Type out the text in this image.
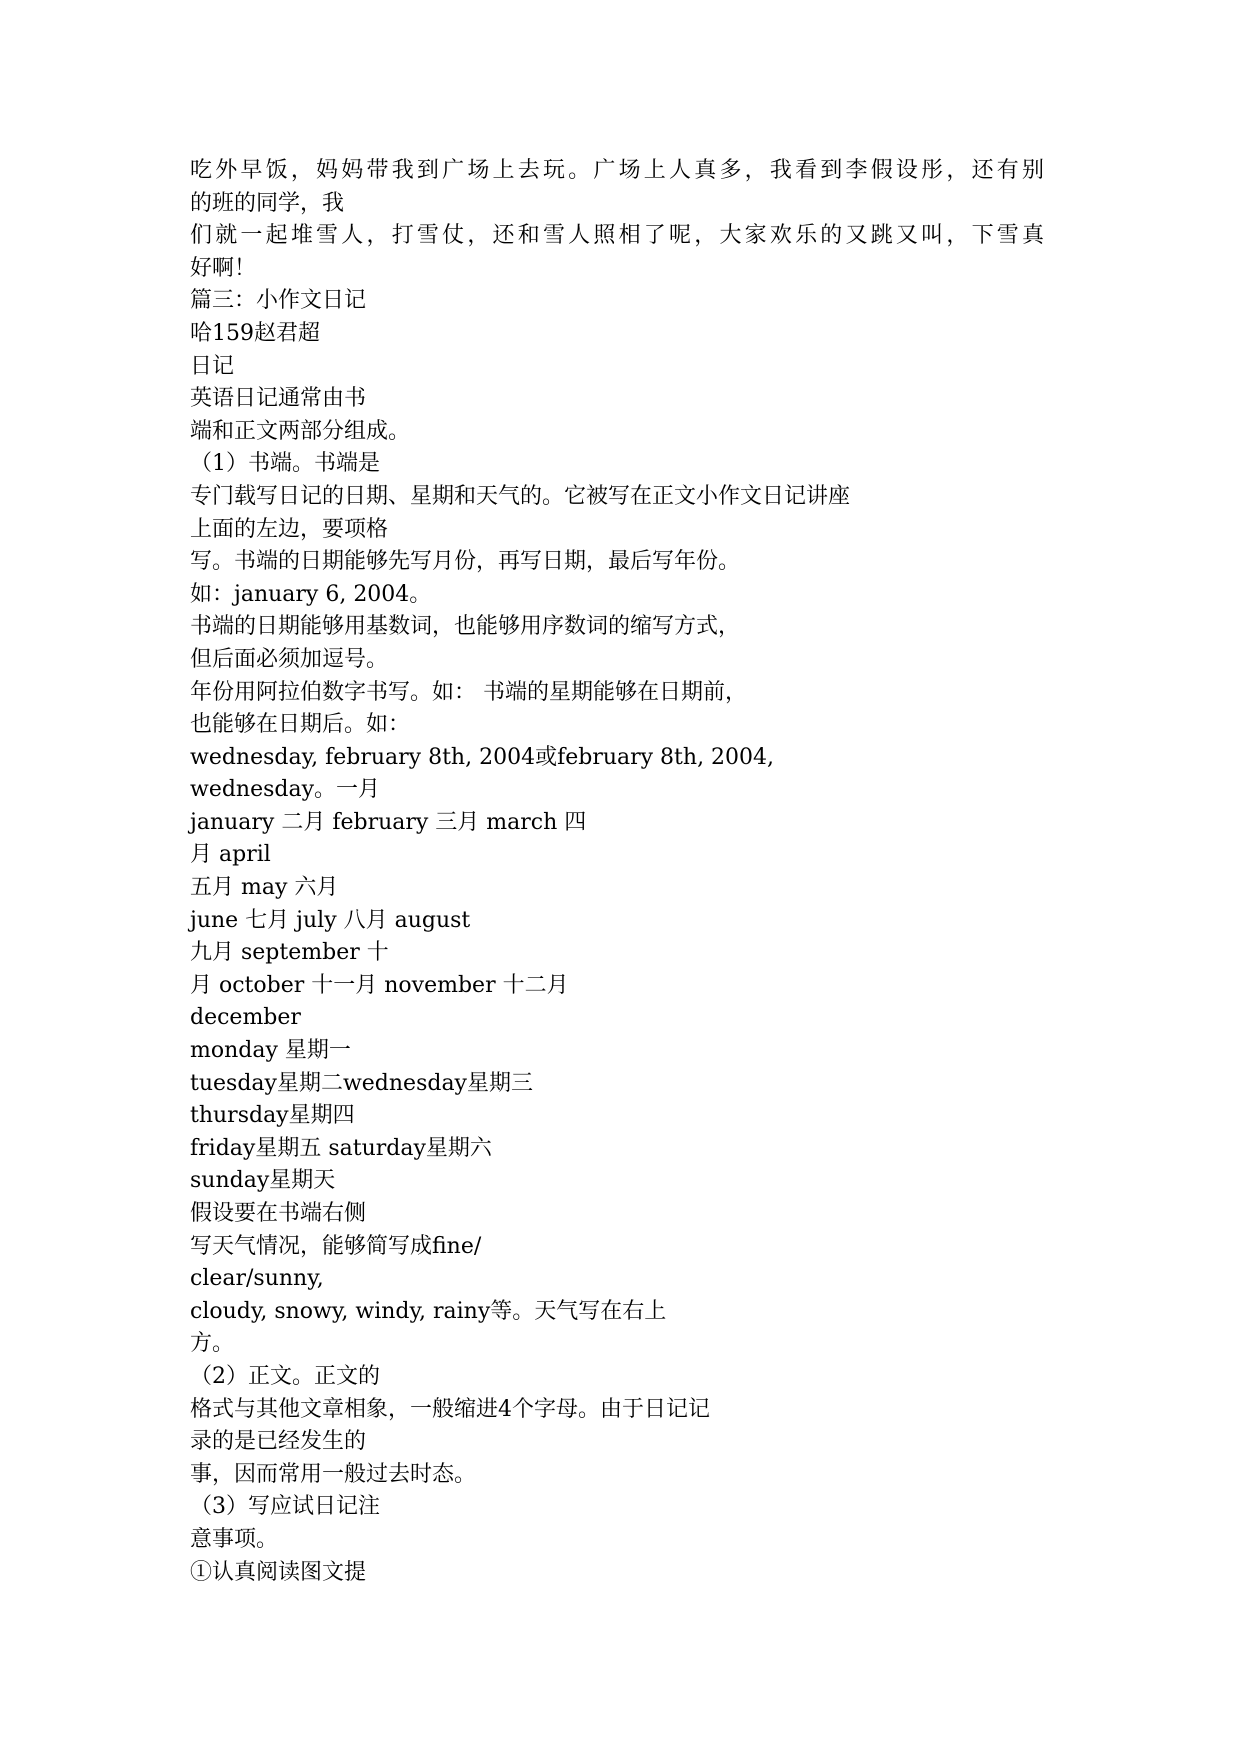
吃外早饭，妈妈带我到广场上去玩。广场上人真多，我看到李假设彤，还有别

的班的同学，我

们就一起堆雪人，打雪仗，还和雪人照相了呢，大家欢乐的又跳又叫，下雪真

好啊！

篇三：小作文日记

哈159赵君超

日记

英语日记通常由书

端和正文两部分组成。

（1）书端。书端是

专门载写日记的日期、星期和天气的。它被写在正文小作文日记讲座

上面的左边，要项格

写。书端的日期能够先写月份，再写日期，最后写年份。

如：january 6, 2004。

书端的日期能够用基数词，也能够用序数词的缩写方式，

但后面必须加逗号。

年份用阿拉伯数字书写。如： 书端的星期能够在日期前，

也能够在日期后。如：

wednesday, february 8th, 2004或february 8th, 2004,

wednesday。一月

january 二月 february 三月 march 四

月 april

五月 may 六月

june 七月 july 八月 august

九月 september 十

月 october 十一月 november 十二月

december

monday 星期一

tuesday星期二wednesday星期三

thursday星期四

friday星期五 saturday星期六

sunday星期天

假设要在书端右侧

写天气情况，能够简写成fine/

clear/sunny,

cloudy, snowy, windy, rainy等。天气写在右上

方。

（2）正文。正文的

格式与其他文章相象，一般缩进4个字母。由于日记记

录的是已经发生的

事，因而常用一般过去时态。

（3）写应试日记注

意事项。

①认真阅读图文提
